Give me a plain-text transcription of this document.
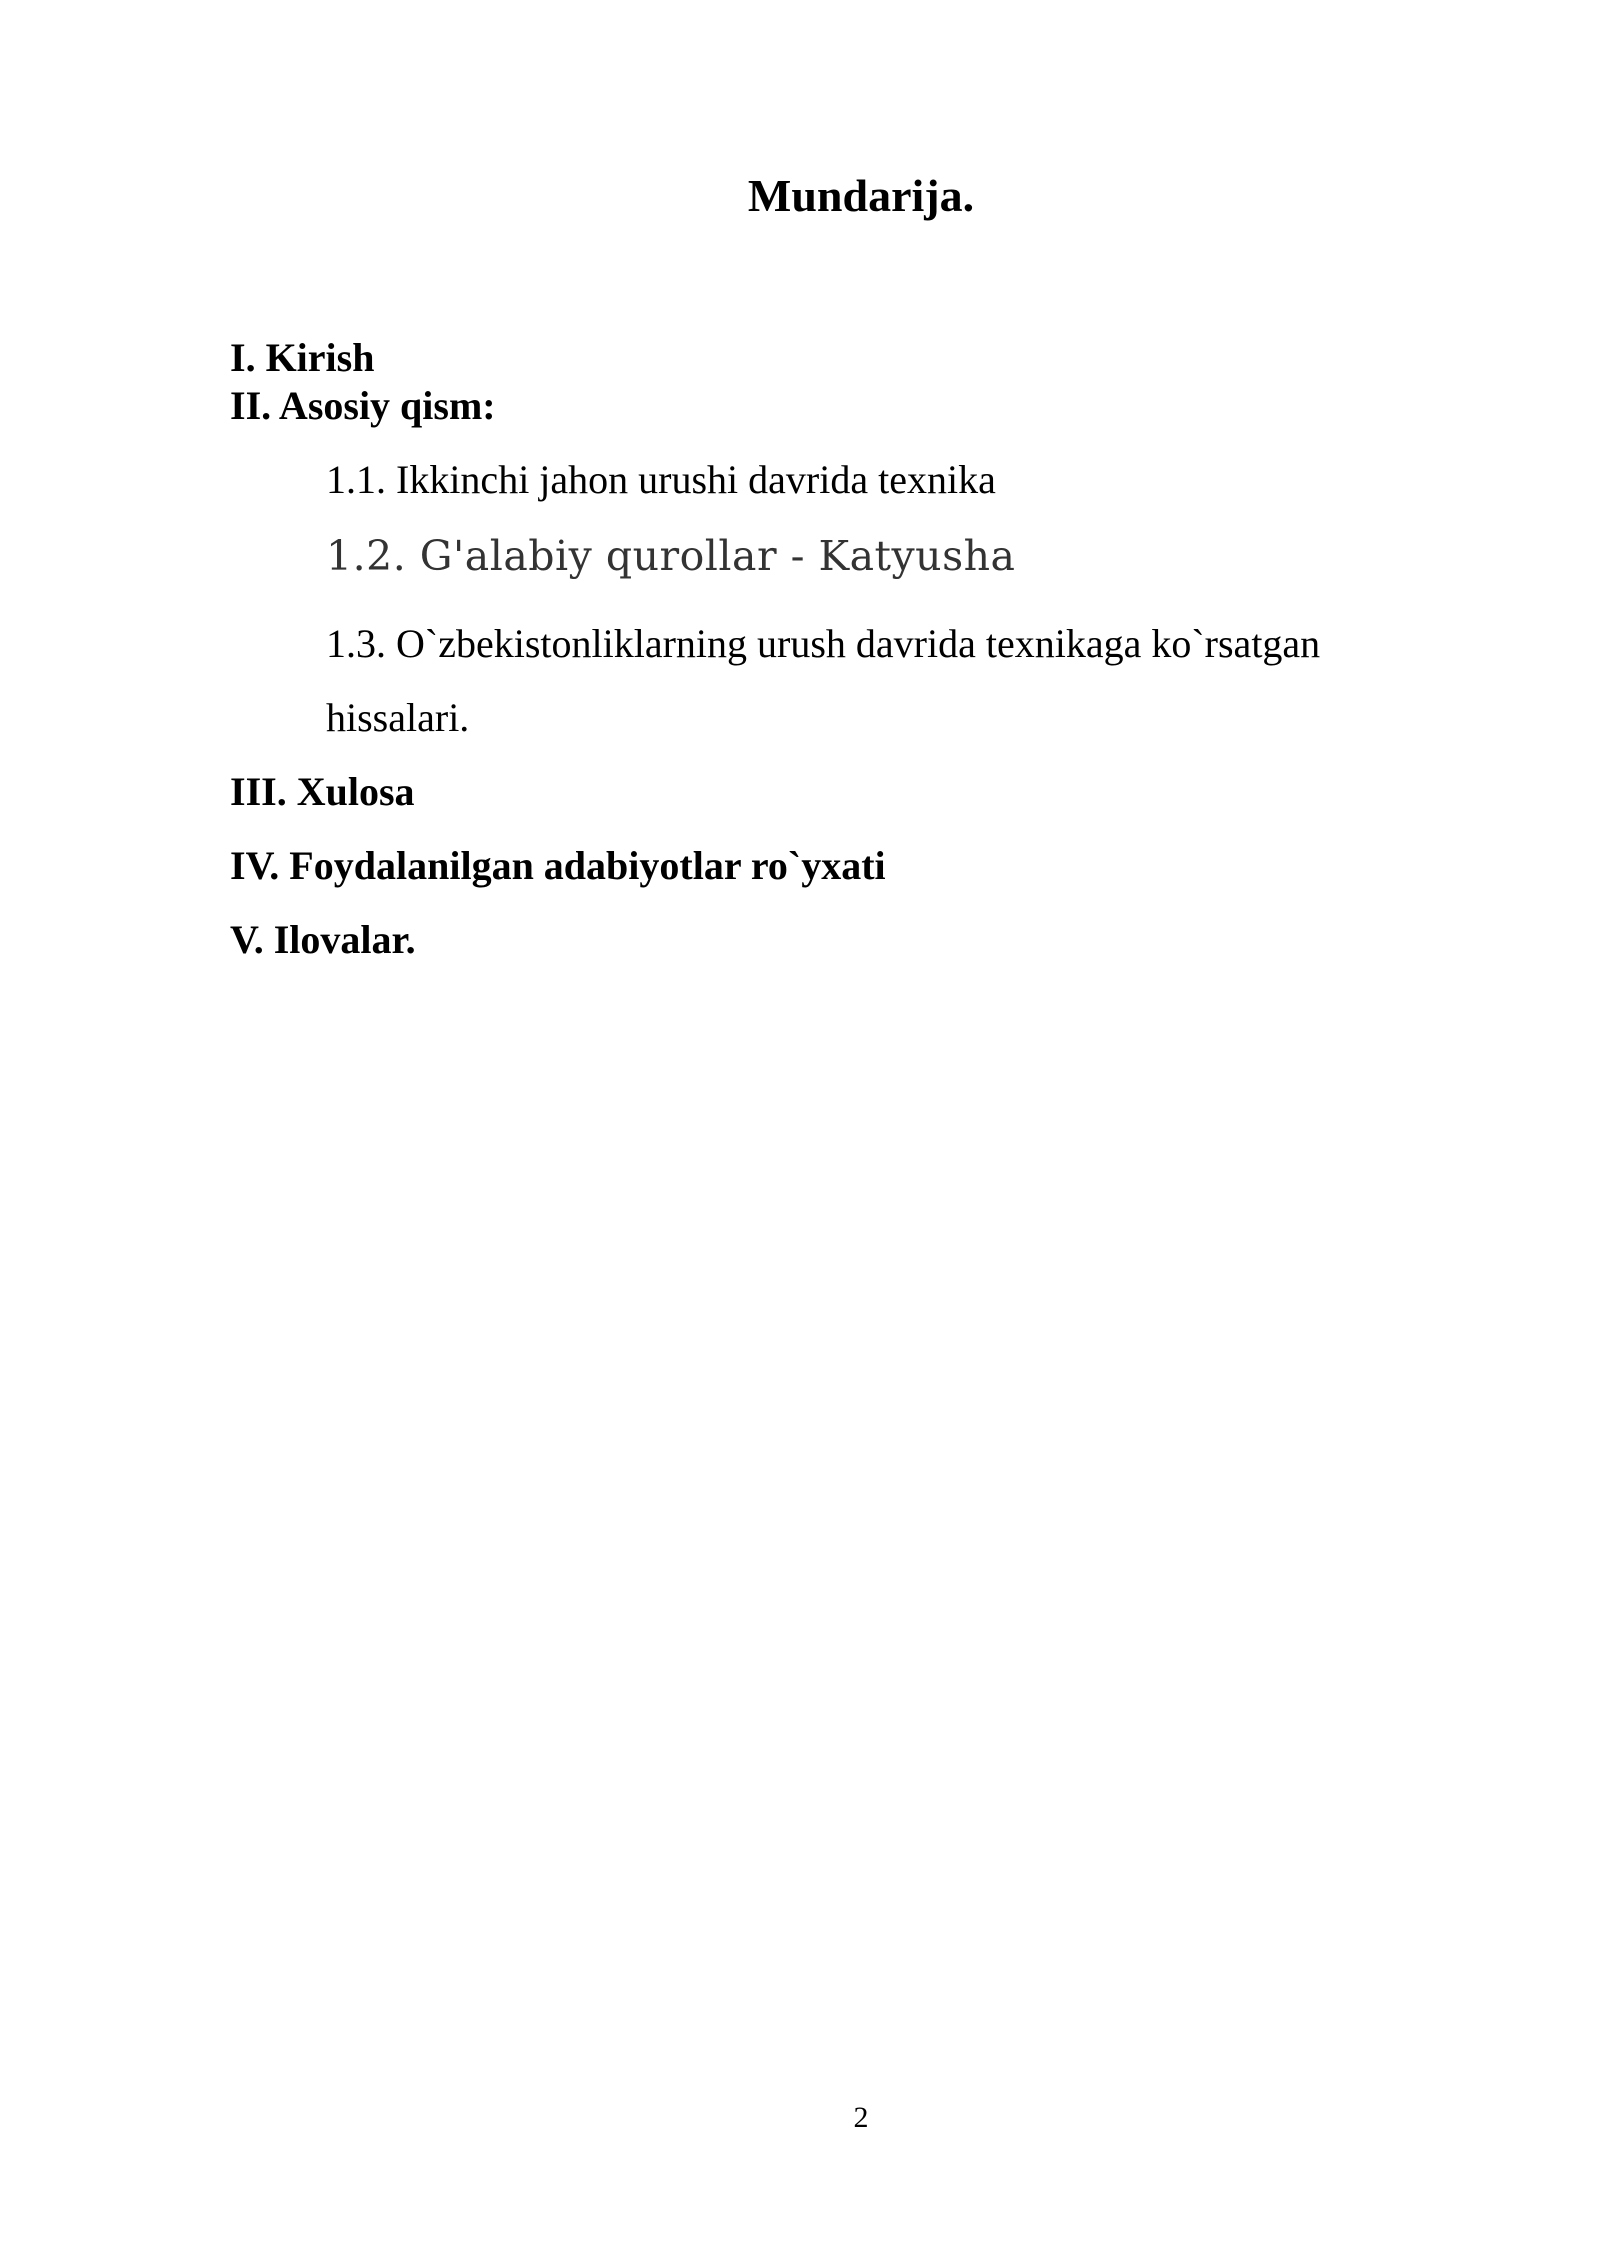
Mundarija.

I. Kirish

II. Asosiy qism:

1.1. Ikkinchi jahon urushi davrida texnika

1.2. G'alabiy qurollar - Katyusha

1.3. O`zbekistonliklarning urush davrida texnikaga ko`rsatgan

hissalari.

III. Xulosa

IV. Foydalanilgan adabiyotlar ro`yxati

V. Ilovalar.

2
